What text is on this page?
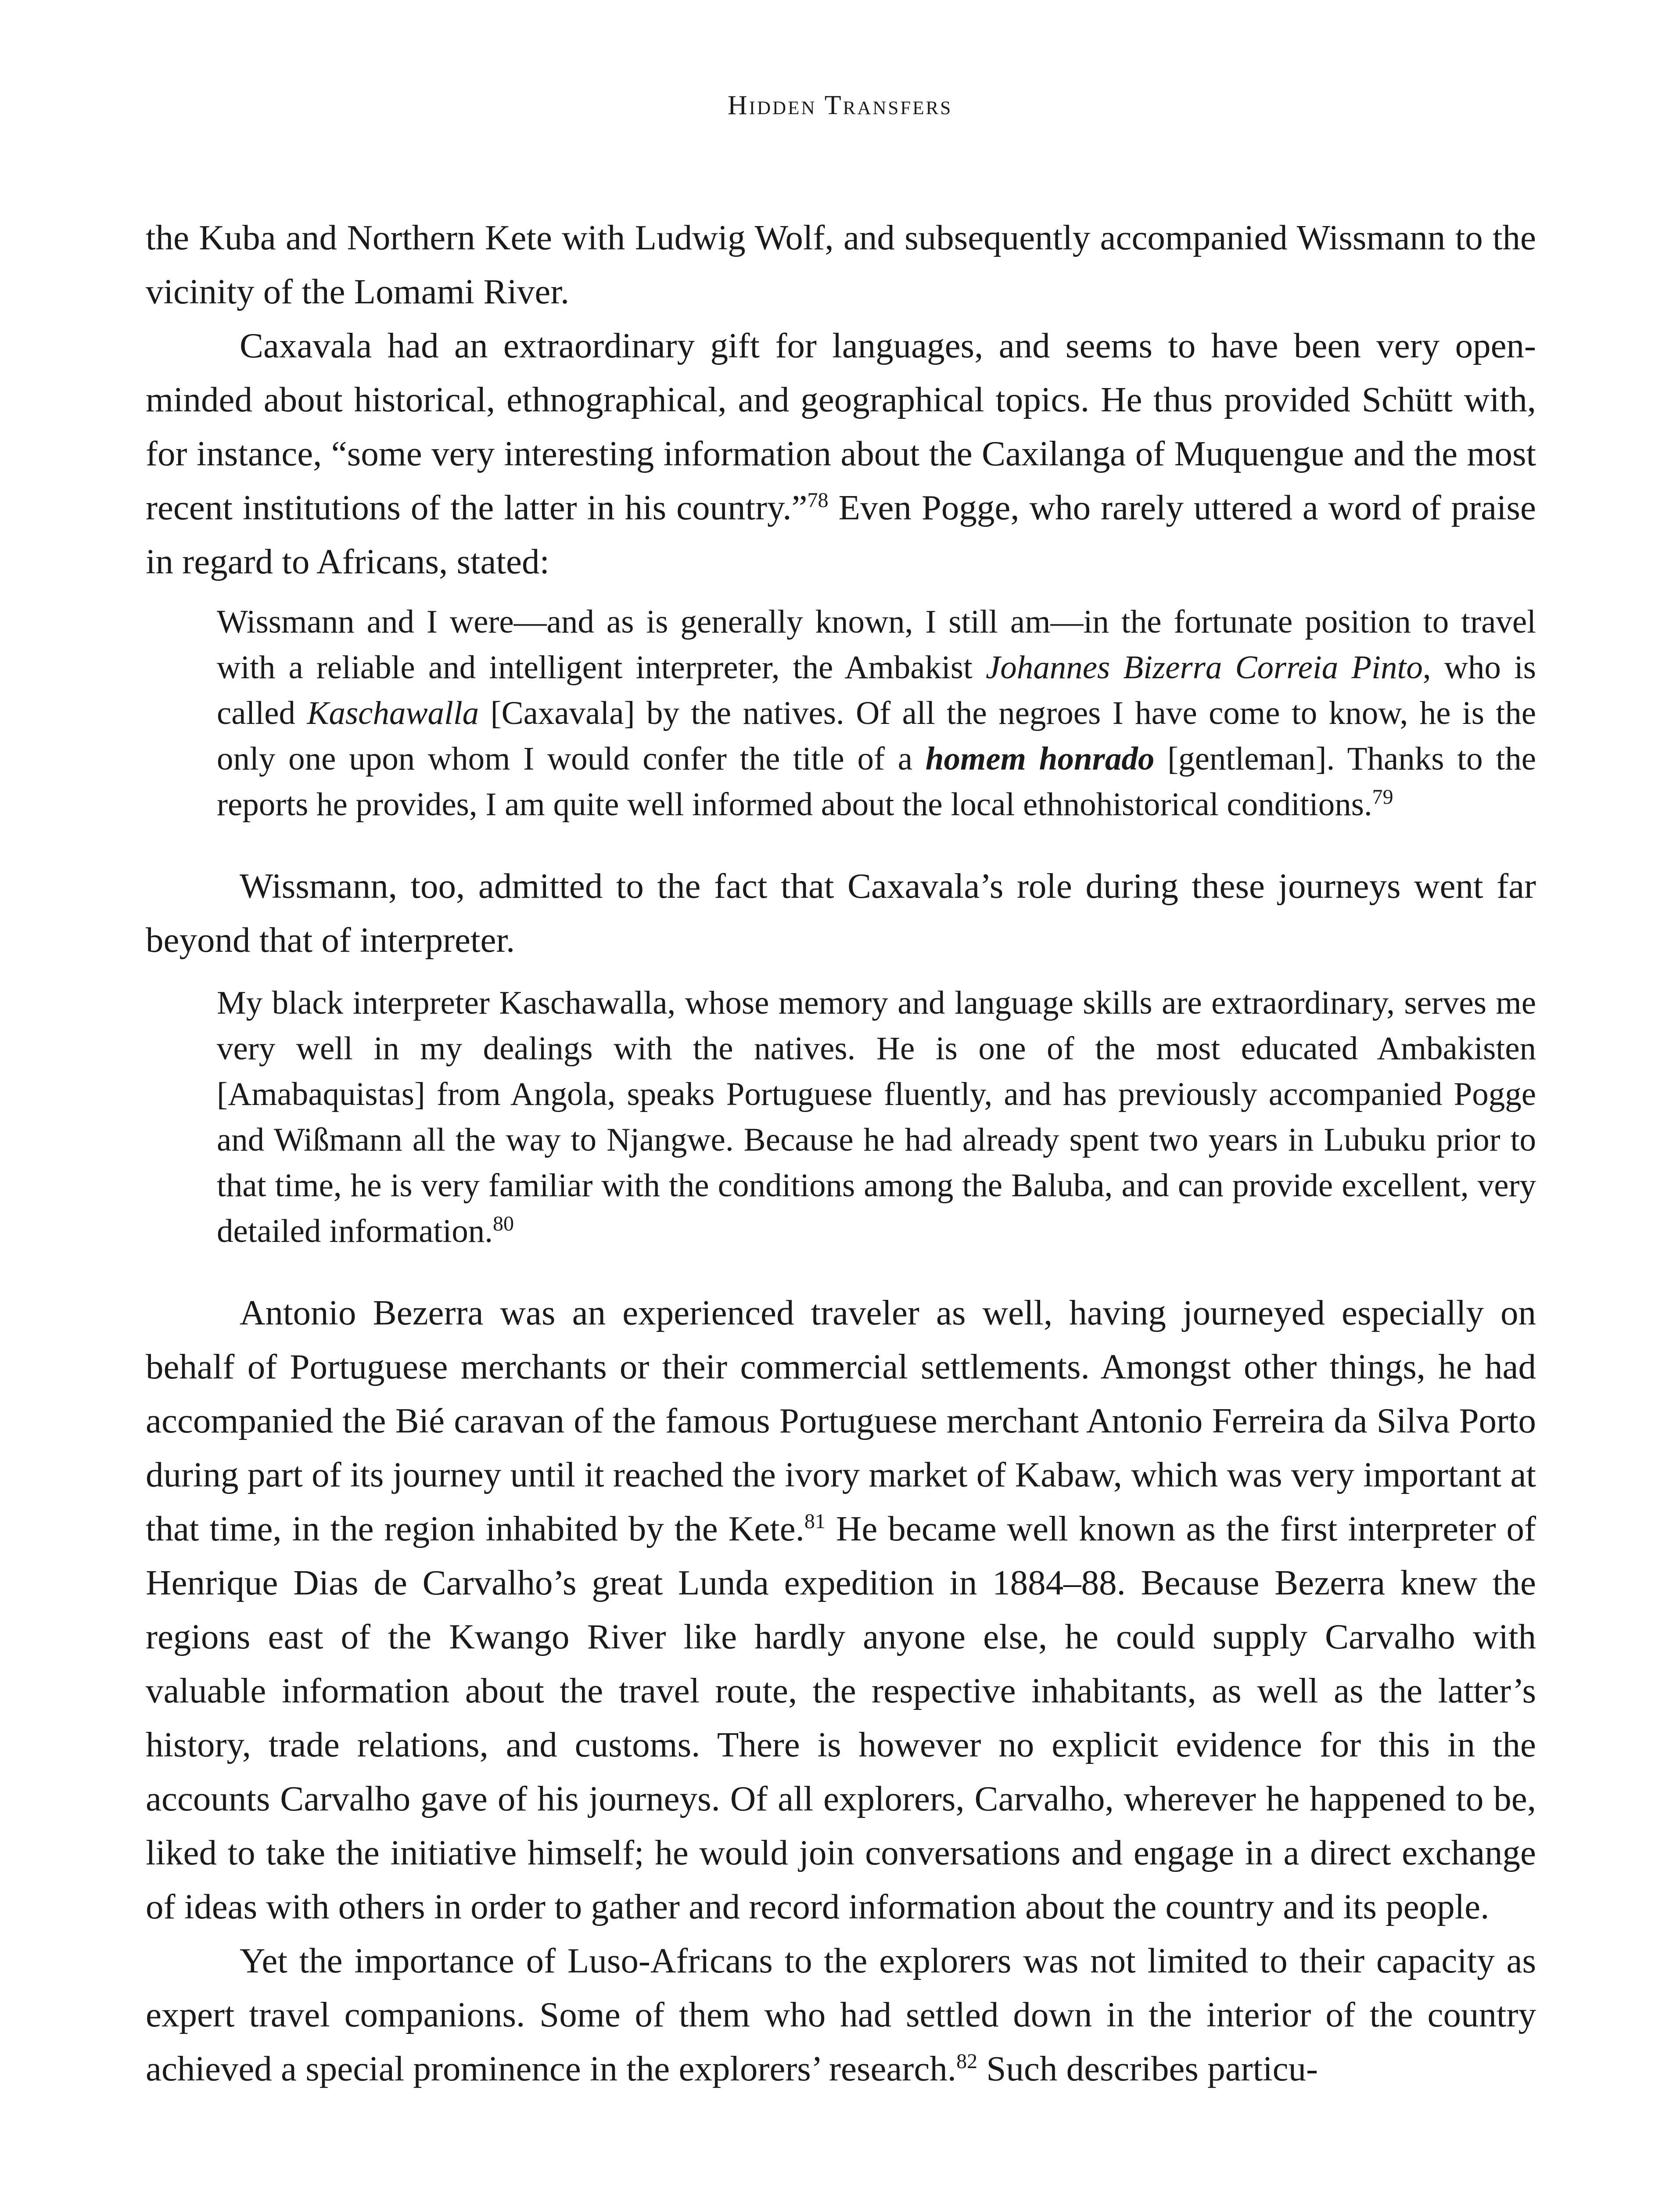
Hidden Transfers

the Kuba and Northern Kete with Ludwig Wolf, and subsequently accompanied Wissmann to the vicinity of the Lomami River.

Caxavala had an extraordinary gift for languages, and seems to have been very open-minded about historical, ethnographical, and geographical topics. He thus provided Schütt with, for instance, “some very interesting information about the Caxilanga of Muquengue and the most recent institutions of the latter in his country.”$^{78}$ Even Pogge, who rarely uttered a word of praise in regard to Africans, stated:

Wissmann and I were—and as is generally known, I still am—in the fortunate position to travel with a reliable and intelligent interpreter, the Ambakist Johannes Bizerra Correia Pinto, who is called Kaschawalla [Caxavala] by the natives. Of all the negroes I have come to know, he is the only one upon whom I would confer the title of a homem honrado [gentleman]. Thanks to the reports he provides, I am quite well informed about the local ethnohistorical conditions.$^{79}$

Wissmann, too, admitted to the fact that Caxavala’s role during these journeys went far beyond that of interpreter.

My black interpreter Kaschawalla, whose memory and language skills are extraordinary, serves me very well in my dealings with the natives. He is one of the most educated Ambakisten [Amabaquistas] from Angola, speaks Portuguese fluently, and has previously accompanied Pogge and Wißmann all the way to Njangwe. Because he had already spent two years in Lubuku prior to that time, he is very familiar with the conditions among the Baluba, and can provide excellent, very detailed information.$^{80}$

Antonio Bezerra was an experienced traveler as well, having journeyed especially on behalf of Portuguese merchants or their commercial settlements. Amongst other things, he had accompanied the Bié caravan of the famous Portuguese merchant Antonio Ferreira da Silva Porto during part of its journey until it reached the ivory market of Kabaw, which was very important at that time, in the region inhabited by the Kete.$^{81}$ He became well known as the first interpreter of Henrique Dias de Carvalho’s great Lunda expedition in 1884–88. Because Bezerra knew the regions east of the Kwango River like hardly anyone else, he could supply Carvalho with valuable information about the travel route, the respective inhabitants, as well as the latter’s history, trade relations, and customs. There is however no explicit evidence for this in the accounts Carvalho gave of his journeys. Of all explorers, Carvalho, wherever he happened to be, liked to take the initiative himself; he would join conversations and engage in a direct exchange of ideas with others in order to gather and record information about the country and its people.

Yet the importance of Luso-Africans to the explorers was not limited to their capacity as expert travel companions. Some of them who had settled down in the interior of the country achieved a special prominence in the explorers’ research.$^{82}$ Such describes particu-
